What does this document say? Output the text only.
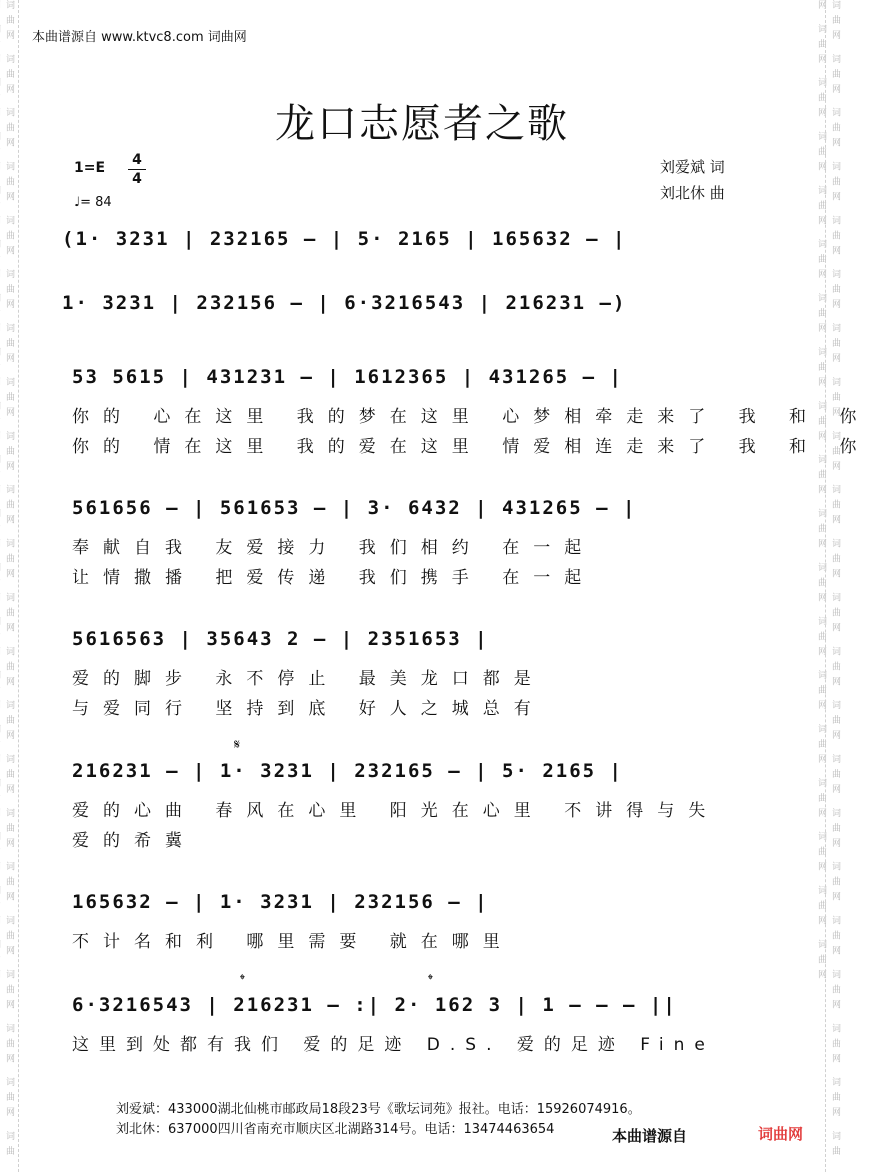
词曲网 词曲网 词曲网 词曲网 词曲网 词曲网 词曲网 词曲网 词曲网 词曲网 词曲网 词曲网 词曲网 词曲网 词曲网 词曲网 词曲网 词曲网 词曲网 词曲网 词曲网 词曲	词曲网 词曲网 词曲网 词曲网 词曲网 词曲网 词曲网 词曲网 词曲网 词曲网 词曲网 词曲网 词曲网 词曲网 词曲网 词曲网 词曲网 词曲网 词曲网 词曲网 词曲网 词曲网 词曲网 词曲网 词曲网 词曲网 词曲网 词曲网 词曲网 词曲网 词曲网 词曲网 词曲网 词曲网 词曲网 词曲网 词曲网 词曲网 词曲网 词曲网
本曲谱源自 www.ktvc8.com 词曲网
龙口志愿者之歌
1=E 4
4
♩= 84
刘爱斌 词
刘北休 曲
(1· 3231 | 232165 — | 5· 2165 | 165632 — |
1· 3231 | 232156 — | 6·3216543 | 216231 —)
53 5615 | 431231 — | 1612365 | 431265 — |
你的 心在这里 我的梦在这里 心梦相牵走来了 我 和 你
你的 情在这里 我的爱在这里 情爱相连走来了 我 和 你
561656 — | 561653 — | 3· 6432 | 431265 — |
奉献自我 友爱接力 我们相约 在一起
让情撒播 把爱传递 我们携手 在一起
5616563 | 35643 2 — | 2351653 |
爱的脚步 永不停止 最美龙口都是
与爱同行 坚持到底 好人之城总有
𝄋
216231 — | 1· 3231 | 232165 — | 5· 2165 |
爱的心曲 春风在心里 阳光在心里 不讲得与失
爱的希冀
165632 — | 1· 3231 | 232156 — |
不计名和利 哪里需要 就在哪里
𝄌	𝄌
6·3216543 | 216231 — :| 2· 162 3 | 1 — — — ||
这里到处都有我们 爱的足迹 D.S. 爱的足迹 Fine
刘爱斌：433000湖北仙桃市邮政局18段23号《歌坛词苑》报社。电话：15926074916。
刘北休：637000四川省南充市顺庆区北湖路314号。电话：13474463654	本曲谱源自	词曲网
